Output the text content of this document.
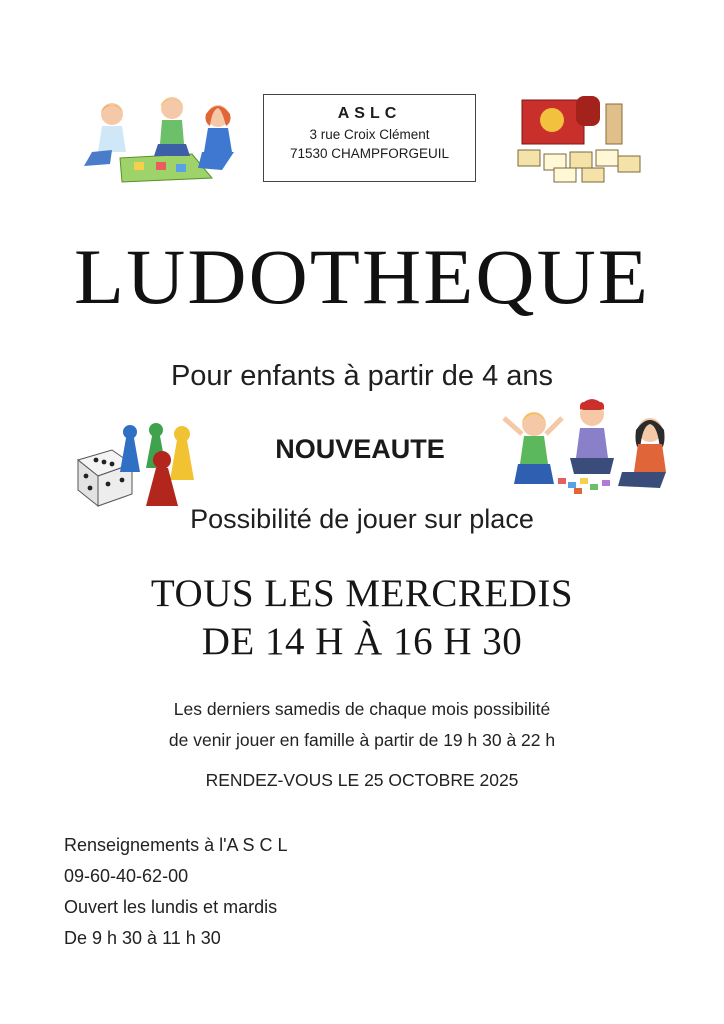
ASLC
3 rue Croix Clément
71530 CHAMPFORGEUIL
LUDOTHEQUE
Pour enfants à partir de 4 ans
NOUVEAUTE
Possibilité de jouer sur place
TOUS LES MERCREDIS
DE 14 H À 16 H 30
Les derniers samedis de chaque mois possibilité
de venir jouer en famille à partir de 19 h 30 à 22 h
RENDEZ-VOUS LE 25 OCTOBRE 2025
Renseignements à l'A S C L
09-60-40-62-00
Ouvert les lundis et mardis
De 9 h 30 à 11 h 30
